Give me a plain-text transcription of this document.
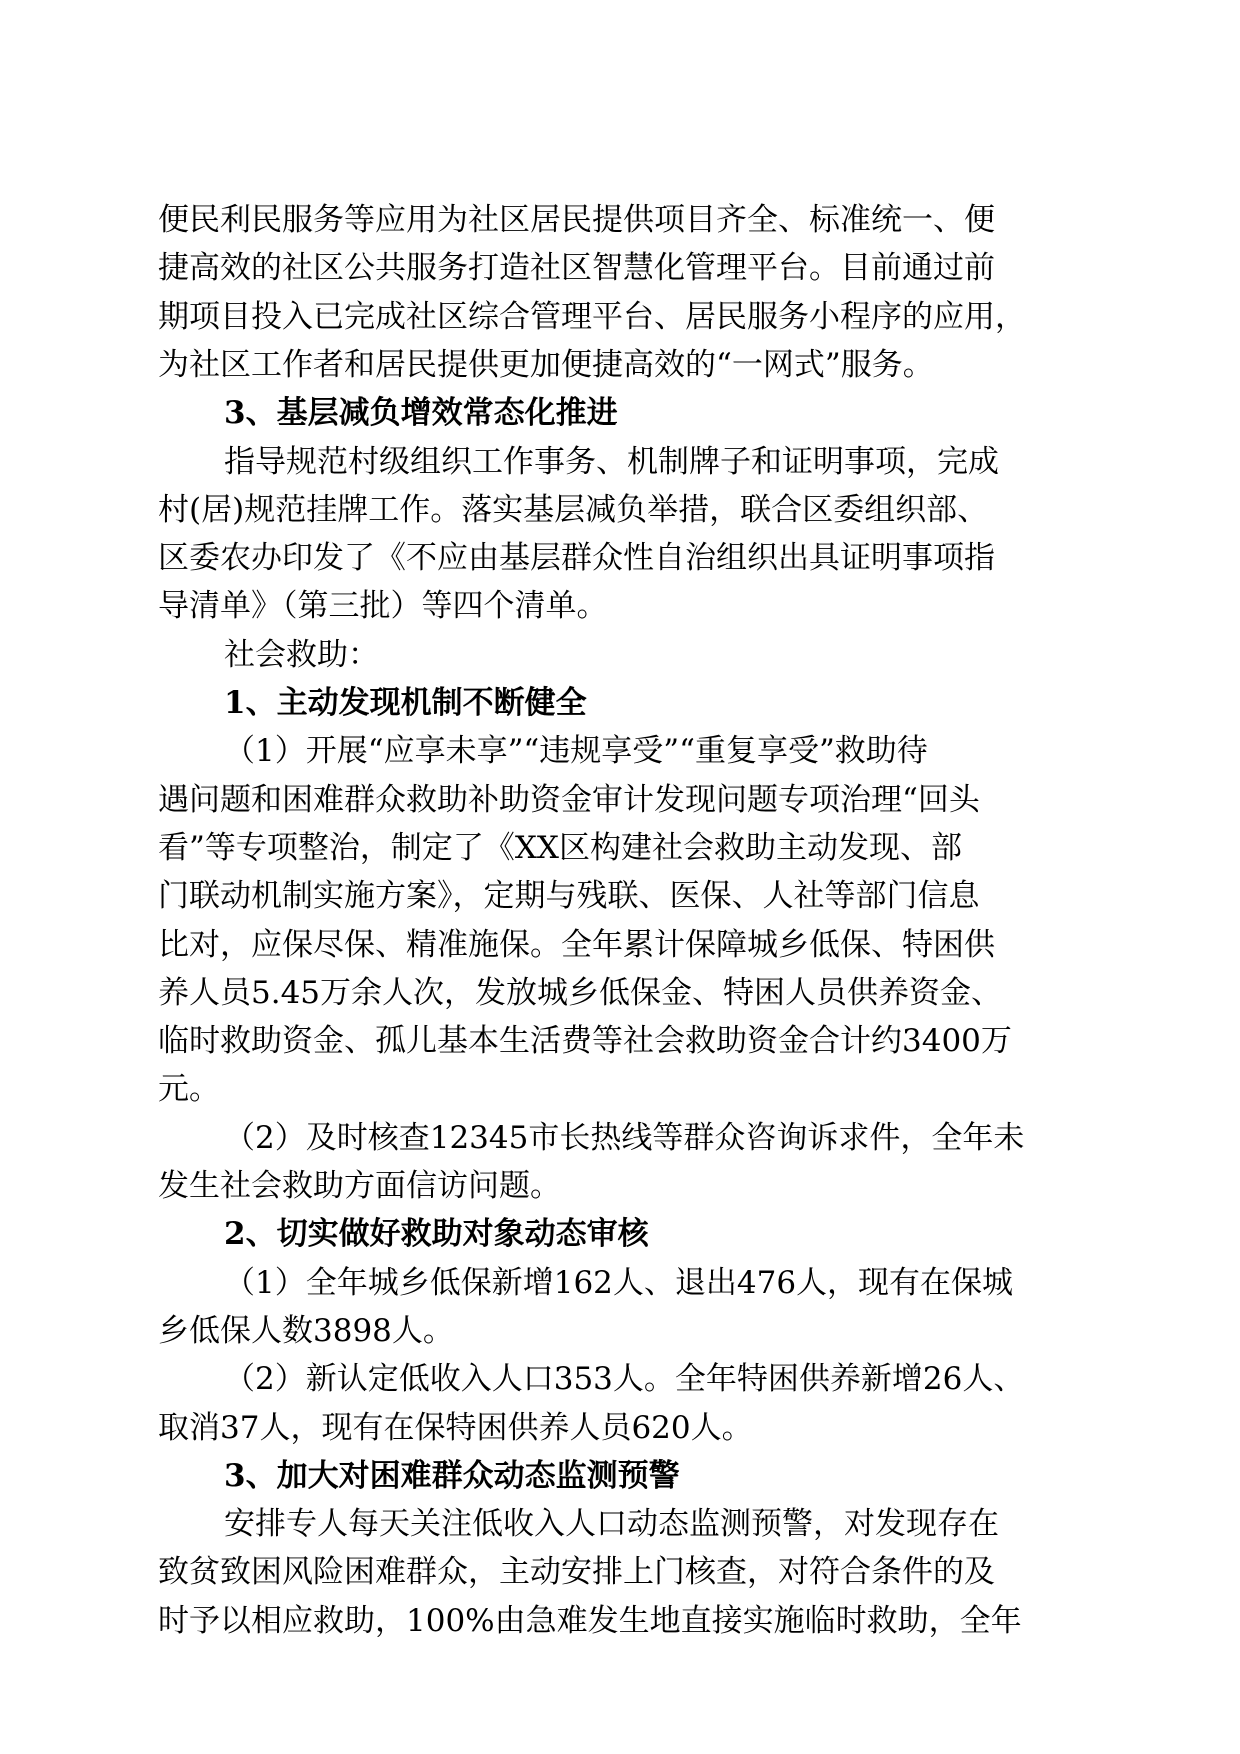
便民利民服务等应用为社区居民提供项目齐全、标准统一、便
捷高效的社区公共服务打造社区智慧化管理平台。目前通过前
期项目投入已完成社区综合管理平台、居民服务小程序的应用，
为社区工作者和居民提供更加便捷高效的“一网式”服务。
3、基层减负增效常态化推进
指导规范村级组织工作事务、机制牌子和证明事项，完成
村(居)规范挂牌工作。落实基层减负举措，联合区委组织部、
区委农办印发了《不应由基层群众性自治组织出具证明事项指
导清单》（第三批）等四个清单。
社会救助：
1、主动发现机制不断健全
（1）开展“应享未享”“违规享受”“重复享受”救助待
遇问题和困难群众救助补助资金审计发现问题专项治理“回头
看”等专项整治，制定了《XX区构建社会救助主动发现、部
门联动机制实施方案》，定期与残联、医保、人社等部门信息
比对，应保尽保、精准施保。全年累计保障城乡低保、特困供
养人员5.45万余人次，发放城乡低保金、特困人员供养资金、
临时救助资金、孤儿基本生活费等社会救助资金合计约3400万
元。
（2）及时核查12345市长热线等群众咨询诉求件，全年未
发生社会救助方面信访问题。
2、切实做好救助对象动态审核
（1）全年城乡低保新增162人、退出476人，现有在保城
乡低保人数3898人。
（2）新认定低收入人口353人。全年特困供养新增26人、
取消37人，现有在保特困供养人员620人。
3、加大对困难群众动态监测预警
安排专人每天关注低收入人口动态监测预警，对发现存在
致贫致困风险困难群众，主动安排上门核查，对符合条件的及
时予以相应救助，100%由急难发生地直接实施临时救助，全年
